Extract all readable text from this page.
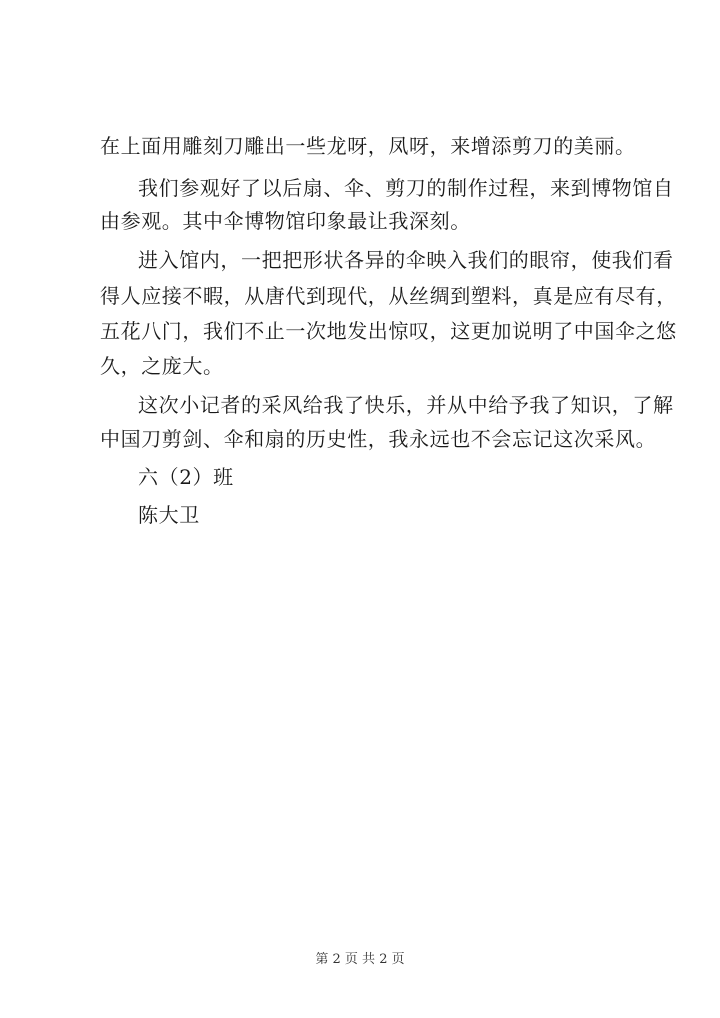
在上面用雕刻刀雕出一些龙呀，凤呀，来增添剪刀的美丽。
我们参观好了以后扇、伞、剪刀的制作过程，来到博物馆自
由参观。其中伞博物馆印象最让我深刻。
进入馆内，一把把形状各异的伞映入我们的眼帘，使我们看
得人应接不暇，从唐代到现代，从丝绸到塑料，真是应有尽有，
五花八门，我们不止一次地发出惊叹，这更加说明了中国伞之悠
久，之庞大。
这次小记者的采风给我了快乐，并从中给予我了知识，了解
中国刀剪剑、伞和扇的历史性，我永远也不会忘记这次采风。
六（2）班
陈大卫
第 2 页 共 2 页
